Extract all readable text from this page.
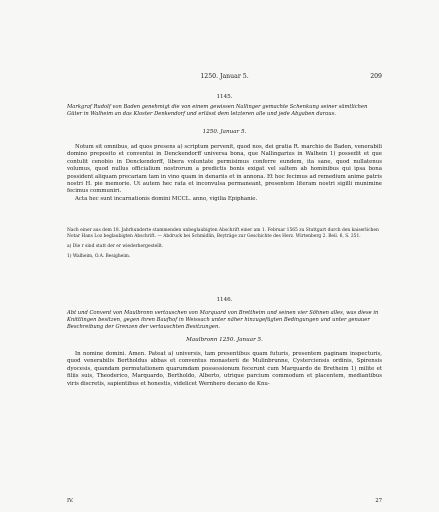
1250. Januar 5.	209
1145.
Markgraf Rudolf von Baden genehmigt die von einem gewissen Nallinger gemachte Schenkung seiner sämtlichen Güter in Walheim an das Kloster Denkendorf und erlässt dem letzteren alle und jede Abgaben daraus.
1250. Januar 5.

Notum sit omnibus, ad quos presens a) scriptum pervenit, quod nos, dei gratia R. marchio de Baden, venerabili domino preposito et conventui in Denckendorff universa bona, que Nallingarius in Walhein 1) possedit et que contulit cenobio in Denckendorff, libera voluntate permisimus conferre eundem, ita sane, quod nullatenus volumus, quod nullus officialium nostrorum a predictis bonis exigat vel saltem ab hominibus qui ipsa bona possident aliquam precariam tam in vino quam in denariis et in annona. Et hoc fecimus ad remedium anime patris nostri H. pie memorie. Ut autem hec rata et inconvulsa permaneant, presentem literam nostri sigilli munimine fecimus communiri.

Acta hec sunt incarnationis domini MCCL. anno, vigilia Epiphanie.

Nach einer aus dem 18. Jahrhunderte stammenden unbeglaubigten Abschrift einer am 1. Februar 1565 zu Stuttgart durch den kaiserlichen Notar Hans Loz beglaubigten Abschrift. — Abdruck bei Schmidlin, Beyträge zur Geschichte des Herz. Wirtenberg 2. Beil. 6, S. 251.
a) Die r sind statt der er wiederhergestellt.
1) Walheim, O.A. Besigheim.
1146.
Abt und Convent von Maulbronn vertauschen von Marquard von Brettheim und seinen vier Söhnen alles, was diese in Knittlingen besitzen, gegen ihren Baufhof in Weissach unter näher hinzugefügten Bedingungen und unter genauer Beschreibung der Grenzen der vertauschten Besitzungen.
Maulbronn 1250. Januar 5.

In nomine domini. Amen. Pateat a) universis, tam presentibus quam futuris, presentem paginam inspecturis, quod venerabilis Bertholdus abbas et conventus monasterii de Mulinbrunne, Cysterciensis ordinis, Spirensis dyocesis, quandam permutationem quarumdam possessionum fecerunt cum Marquardo de Bretheim 1) milite et filiis suis, Theoderico, Marquardo, Bertholdo, Alberto, utrique parcium commodum et placentem, mediantibus viris discretis, sapientibus et honestis, videlicet Wernhero decano de Knu-

IV.	27
